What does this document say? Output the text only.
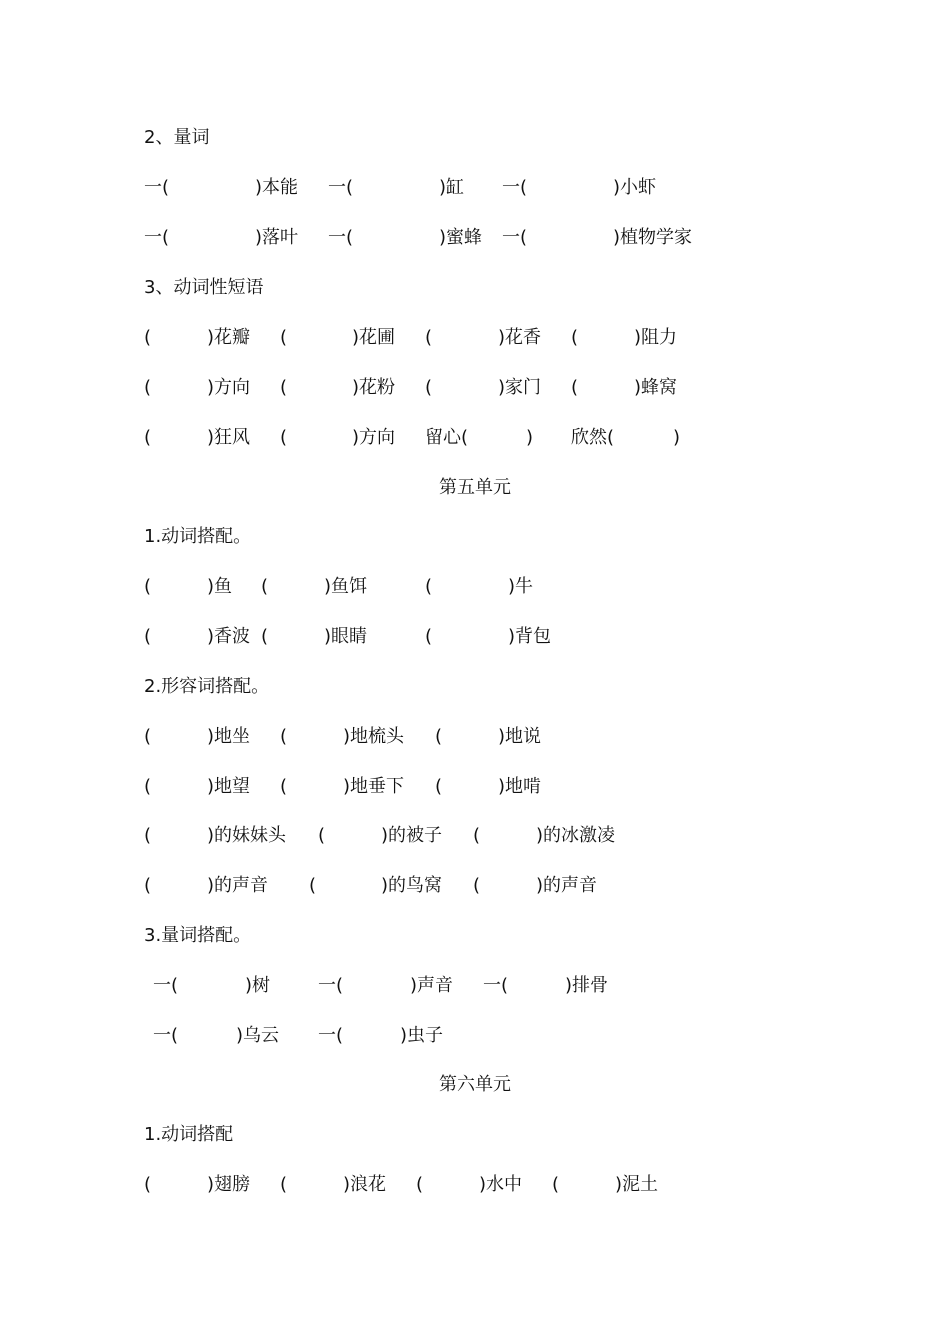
2、量词
一(	)本能 一(	)缸 一(	)小虾
一(	)落叶 一(	)蜜蜂 一(	)植物学家
3、动词性短语
(	)花瓣 (	)花圃 (	)花香 (	)阻力
(	)方向 (	)花粉 (	)家门 (	)蜂窝
(	)狂风 (	)方向 留心(	) 欣然(	)
第五单元
1.动词搭配。
(	)鱼 (	)鱼饵	(	)牛
(	)香波 (	)眼睛	(	)背包
2.形容词搭配。
(	)地坐 (	)地梳头 (	)地说
(	)地望 (	)地垂下 (	)地啃
(	)的妹妹头 (	)的被子 (	)的冰激凌
(	)的声音 (	)的鸟窝 (	)的声音
3.量词搭配。
一(	)树	一(	)声音 一(	)排骨
一(	)乌云 一(	)虫子
第六单元
1.动词搭配
(	)翅膀 (	)浪花 (	)水中 (	)泥土
